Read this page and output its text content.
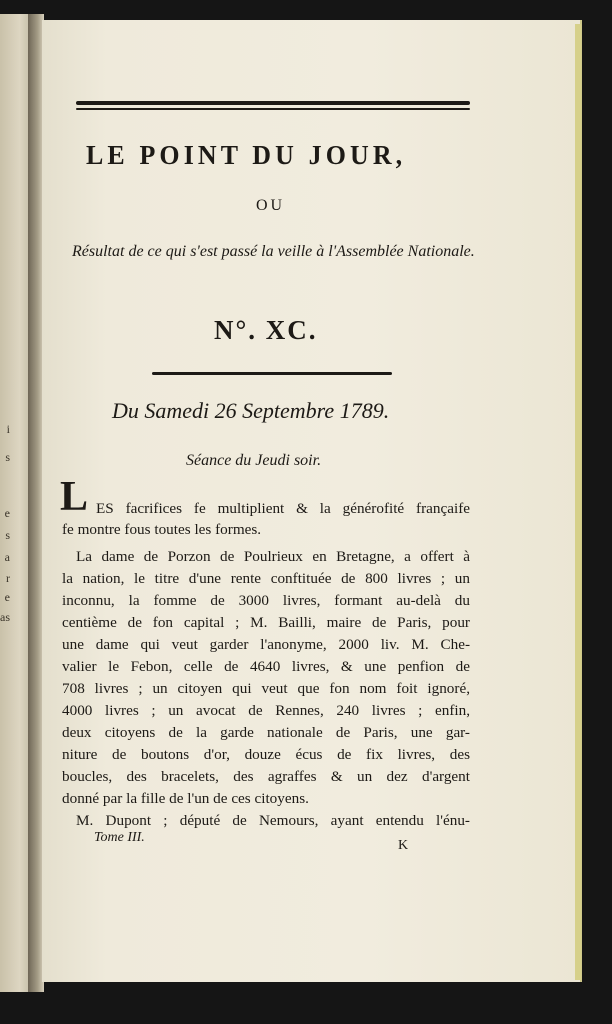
i
s
e
s
a
r
e
as
LE POINT DU JOUR,
OU
Résultat de ce qui s'est passé la veille à l'Assemblée Nationale.
N°. XC.
Du Samedi 26 Septembre 1789.
Séance du Jeudi soir.
L ES facrifices fe multiplient & la générofité françaife
fe montre fous toutes les formes.
La dame de Porzon de Poulrieux en Bretagne, a offert à
la nation, le titre d'une rente conftituée de 800 livres ; un
inconnu, la fomme de 3000 livres, formant au-delà du
centième de fon capital ; M. Bailli, maire de Paris, pour
une dame qui veut garder l'anonyme, 2000 liv. M. Che-
valier le Febon, celle de 4640 livres, & une penfion de
708 livres ; un citoyen qui veut que fon nom foit ignoré,
4000 livres ; un avocat de Rennes, 240 livres ; enfin,
deux citoyens de la garde nationale de Paris, une gar-
niture de boutons d'or, douze écus de fix livres, des
boucles, des bracelets, des agraffes & un dez d'argent
donné par la fille de l'un de ces citoyens.
M. Dupont ; député de Nemours, ayant entendu l'énu-
Tome III.
K
